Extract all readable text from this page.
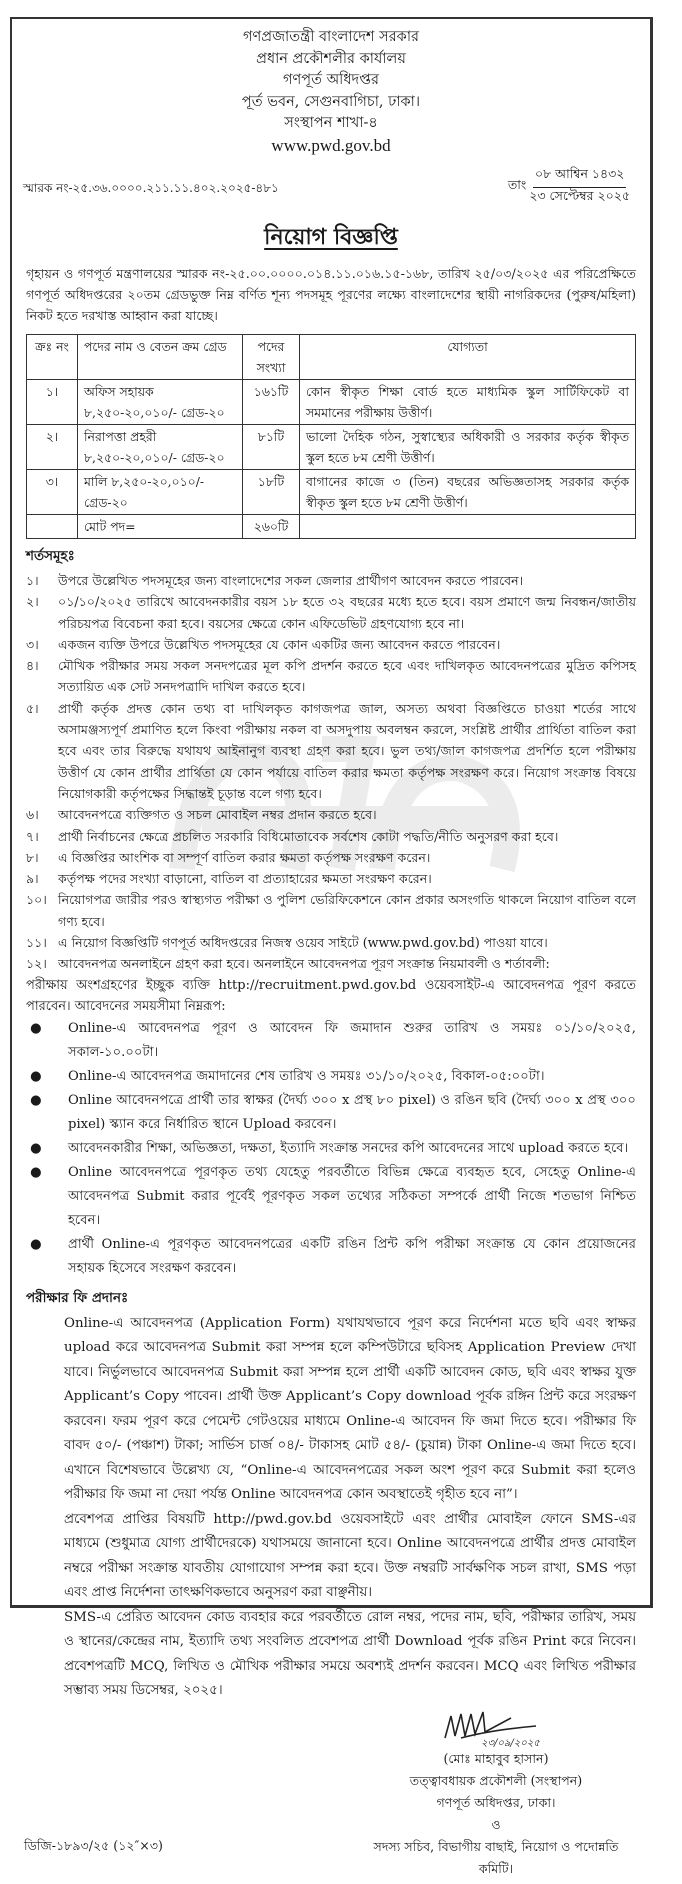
গণপ্রজাতন্ত্রী বাংলাদেশ সরকার
প্রধান প্রকৌশলীর কার্যালয়
গণপূর্ত অধিদপ্তর
পূর্ত ভবন, সেগুনবাগিচা, ঢাকা।
সংস্থাপন শাখা-৪
www.pwd.gov.bd
স্মারক নং-২৫.৩৬.০০০০.২১১.১১.৪০২.২০২৫-৪৮১	তাং $\frac{\text{০৮ আশ্বিন ১৪৩২}}{\text{২৩ সেপ্টেম্বর ২০২৫}}$
নিয়োগ বিজ্ঞপ্তি
গৃহায়ন ও গণপূর্ত মন্ত্রণালয়ের স্মারক নং-২৫.০০.০০০০.০১৪.১১.০১৬.১৫-১৬৮, তারিখ ২৫/০৩/২০২৫ এর পরিপ্রেক্ষিতে গণপূর্ত অধিদপ্তরের ২০তম গ্রেডভুক্ত নিম্ন বর্ণিত শূন্য পদসমূহ পূরণের লক্ষ্যে বাংলাদেশের স্থায়ী নাগরিকদের (পুরুষ/মহিলা) নিকট হতে দরখাস্ত আহ্বান করা যাচ্ছে।
ক্রঃ নং	পদের নাম ও বেতন ক্রম গ্রেড	পদের সংখ্যা	যোগ্যতা
১।	অফিস সহায়ক ৮,২৫০-২০,০১০/- গ্রেড-২০	১৬১টি	কোন স্বীকৃত শিক্ষা বোর্ড হতে মাধ্যমিক স্কুল সার্টিফিকেট বা সমমানের পরীক্ষায় উত্তীর্ণ।
২।	নিরাপত্তা প্রহরী ৮,২৫০-২০,০১০/- গ্রেড-২০	৮১টি	ভালো দৈহিক গঠন, সুস্বাস্থ্যের অধিকারী ও সরকার কর্তৃক স্বীকৃত স্কুল হতে ৮ম শ্রেণী উত্তীর্ণ।
৩।	মালি ৮,২৫০-২০,০১০/-গ্রেড-২০	১৮টি	বাগানের কাজে ৩ (তিন) বছরের অভিজ্ঞতাসহ সরকার কর্তৃক স্বীকৃত স্কুল হতে ৮ম শ্রেণী উত্তীর্ণ।
	মোট পদ=	২৬০টি	
শর্তসমূহঃ
১।	উপরে উল্লেখিত পদসমূহের জন্য বাংলাদেশের সকল জেলার প্রার্থীগণ আবেদন করতে পারবেন।
২।	০১/১০/২০২৫ তারিখে আবেদনকারীর বয়স ১৮ হতে ৩২ বছরের মধ্যে হতে হবে। বয়স প্রমাণে জন্ম নিবন্ধন/জাতীয় পরিচয়পত্র বিবেচনা করা হবে। বয়সের ক্ষেত্রে কোন এফিডেভিট গ্রহণযোগ্য হবে না।
৩।	একজন ব্যক্তি উপরে উল্লেখিত পদসমূহের যে কোন একটির জন্য আবেদন করতে পারবেন।
৪।	মৌখিক পরীক্ষার সময় সকল সনদপত্রের মূল কপি প্রদর্শন করতে হবে এবং দাখিলকৃত আবেদনপত্রের মুদ্রিত কপিসহ সত্যায়িত এক সেট সনদপত্রাদি দাখিল করতে হবে।
৫।	প্রার্থী কর্তৃক প্রদত্ত কোন তথ্য বা দাখিলকৃত কাগজপত্র জাল, অসত্য অথবা বিজ্ঞপ্তিতে চাওয়া শর্তের সাথে অসামঞ্জস্যপূর্ণ প্রমাণিত হলে কিংবা পরীক্ষায় নকল বা অসদুপায় অবলম্বন করলে, সংশ্লিষ্ট প্রার্থীর প্রার্থিতা বাতিল করা হবে এবং তার বিরুদ্ধে যথাযথ আইনানুগ ব্যবস্থা গ্রহণ করা হবে। ভুল তথ্য/জাল কাগজপত্র প্রদর্শিত হলে পরীক্ষায় উত্তীর্ণ যে কোন প্রার্থীর প্রার্থিতা যে কোন পর্যায়ে বাতিল করার ক্ষমতা কর্তৃপক্ষ সংরক্ষণ করে। নিয়োগ সংক্রান্ত বিষয়ে নিয়োগকারী কর্তৃপক্ষের সিদ্ধান্তই চূড়ান্ত বলে গণ্য হবে।
৬।	আবেদনপত্রে ব্যক্তিগত ও সচল মোবাইল নম্বর প্রদান করতে হবে।
৭।	প্রার্থী নির্বাচনের ক্ষেত্রে প্রচলিত সরকারি বিধিমোতাবেক সর্বশেষ কোটা পদ্ধতি/নীতি অনুসরণ করা হবে।
৮।	এ বিজ্ঞপ্তির আংশিক বা সম্পূর্ণ বাতিল করার ক্ষমতা কর্তৃপক্ষ সংরক্ষণ করেন।
৯।	কর্তৃপক্ষ পদের সংখ্যা বাড়ানো, বাতিল বা প্রত্যাহারের ক্ষমতা সংরক্ষণ করেন।
১০। নিয়োগপত্র জারীর পরও স্বাস্থ্যগত পরীক্ষা ও পুলিশ ভেরিফিকেশনে কোন প্রকার অসংগতি থাকলে নিয়োগ বাতিল বলে গণ্য হবে।
১১। এ নিয়োগ বিজ্ঞপ্তিটি গণপূর্ত অধিদপ্তরের নিজস্ব ওয়েব সাইটে (www.pwd.gov.bd) পাওয়া যাবে।
১২। আবেদনপত্র অনলাইনে গ্রহণ করা হবে। অনলাইনে আবেদনপত্র পূরণ সংক্রান্ত নিয়মাবলী ও শর্তাবলী:
পরীক্ষায় অংশগ্রহণের ইচ্ছুক ব্যক্তি http://recruitment.pwd.gov.bd ওয়েবসাইট-এ আবেদনপত্র পূরণ করতে পারবেন। আবেদনের সময়সীমা নিম্নরূপ:
●	Online-এ আবেদনপত্র পূরণ ও আবেদন ফি জমাদান শুরুর তারিখ ও সময়ঃ ০১/১০/২০২৫, সকাল-১০.০০টা।
●	Online-এ আবেদনপত্র জমাদানের শেষ তারিখ ও সময়ঃ ৩১/১০/২০২৫, বিকাল-০৫:০০টা।
●	Online আবেদনপত্রে প্রার্থী তার স্বাক্ষর (দৈর্ঘ্য ৩০০ x প্রস্থ ৮০ pixel) ও রঙিন ছবি (দৈর্ঘ্য ৩০০ x প্রস্থ ৩০০ pixel) স্ক্যান করে নির্ধারিত স্থানে Upload করবেন।
●	আবেদনকারীর শিক্ষা, অভিজ্ঞতা, দক্ষতা, ইত্যাদি সংক্রান্ত সনদের কপি আবেদনের সাথে upload করতে হবে।
●	Online আবেদনপত্রে পূরণকৃত তথ্য যেহেতু পরবর্তীতে বিভিন্ন ক্ষেত্রে ব্যবহৃত হবে, সেহেতু Online-এ আবেদনপত্র Submit করার পূর্বেই পূরণকৃত সকল তথ্যের সঠিকতা সম্পর্কে প্রার্থী নিজে শতভাগ নিশ্চিত হবেন।
●	প্রার্থী Online-এ পূরণকৃত আবেদনপত্রের একটি রঙিন প্রিন্ট কপি পরীক্ষা সংক্রান্ত যে কোন প্রয়োজনের সহায়ক হিসেবে সংরক্ষণ করবেন।
পরীক্ষার ফি প্রদানঃ

Online-এ আবেদনপত্র (Application Form) যথাযথভাবে পূরণ করে নির্দেশনা মতে ছবি এবং স্বাক্ষর upload করে আবেদনপত্র Submit করা সম্পন্ন হলে কম্পিউটারে ছবিসহ Application Preview দেখা যাবে। নির্ভুলভাবে আবেদনপত্র Submit করা সম্পন্ন হলে প্রার্থী একটি আবেদন কোড, ছবি এবং স্বাক্ষর যুক্ত Applicant’s Copy পাবেন। প্রার্থী উক্ত Applicant’s Copy download পূর্বক রঙ্গিন প্রিন্ট করে সংরক্ষণ করবেন। ফরম পূরণ করে পেমেন্ট গেটওয়ের মাধ্যমে Online-এ আবেদন ফি জমা দিতে হবে। পরীক্ষার ফি বাবদ ৫০/- (পঞ্চাশ) টাকা; সার্ভিস চার্জ ০৪/- টাকাসহ মোট ৫৪/- (চুয়ান্ন) টাকা Online-এ জমা দিতে হবে। এখানে বিশেষভাবে উল্লেখ্য যে, “Online-এ আবেদনপত্রের সকল অংশ পূরণ করে Submit করা হলেও পরীক্ষার ফি জমা না দেয়া পর্যন্ত Online আবেদনপত্র কোন অবস্থাতেই গৃহীত হবে না”।

প্রবেশপত্র প্রাপ্তির বিষয়টি http://pwd.gov.bd ওয়েবসাইটে এবং প্রার্থীর মোবাইল ফোনে SMS-এর মাধ্যমে (শুধুমাত্র যোগ্য প্রার্থীদেরকে) যথাসময়ে জানানো হবে। Online আবেদনপত্রে প্রার্থীর প্রদত্ত মোবাইল নম্বরে পরীক্ষা সংক্রান্ত যাবতীয় যোগাযোগ সম্পন্ন করা হবে। উক্ত নম্বরটি সার্বক্ষণিক সচল রাখা, SMS পড়া এবং প্রাপ্ত নির্দেশনা তাৎক্ষণিকভাবে অনুসরণ করা বাঞ্ছনীয়।

SMS-এ প্রেরিত আবেদন কোড ব্যবহার করে পরবর্তীতে রোল নম্বর, পদের নাম, ছবি, পরীক্ষার তারিখ, সময় ও স্থানের/কেন্দ্রের নাম, ইত্যাদি তথ্য সংবলিত প্রবেশপত্র প্রার্থী Download পূর্বক রঙিন Print করে নিবেন। প্রবেশপত্রটি MCQ, লিখিত ও মৌখিক পরীক্ষার সময়ে অবশ্যই প্রদর্শন করবেন। MCQ এবং লিখিত পরীক্ষার সম্ভাব্য সময় ডিসেম্বর, ২০২৫।

২৩/০৯/২০২৫
(মোঃ মাহাবুব হাসান)
তত্ত্বাবধায়ক প্রকৌশলী (সংস্থাপন)
গণপূর্ত অধিদপ্তর, ঢাকা।
ও
সদস্য সচিব, বিভাগীয় বাছাই, নিয়োগ ও পদোন্নতি কমিটি।
ডিজি-১৮৯৩/২৫ (১২″×৩)
